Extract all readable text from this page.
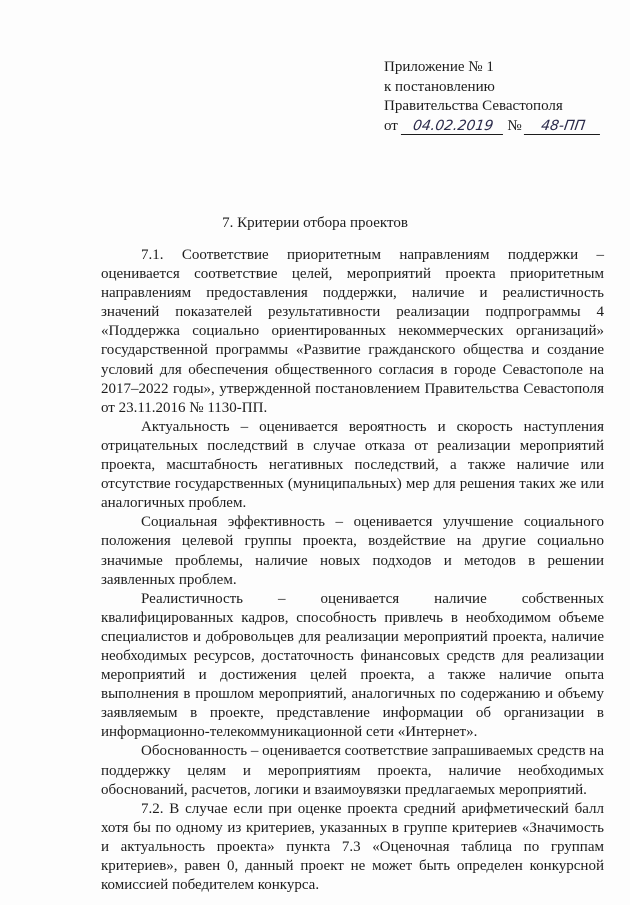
Приложение № 1
к постановлению
Правительства Севастополя
от 04.02.2019 № 48-ПП
7. Критерии отбора проектов

7.1. Соответствие приоритетным направлениям поддержки – оценивается соответствие целей, мероприятий проекта приоритетным направлениям предоставления поддержки, наличие и реалистичность значений показателей результативности реализации подпрограммы 4 «Поддержка социально ориентированных некоммерческих организаций» государственной программы «Развитие гражданского общества и создание условий для обеспечения общественного согласия в городе Севастополе на 2017–2022 годы», утвержденной постановлением Правительства Севастополя от 23.11.2016 № 1130-ПП.

Актуальность – оценивается вероятность и скорость наступления отрицательных последствий в случае отказа от реализации мероприятий проекта, масштабность негативных последствий, а также наличие или отсутствие государственных (муниципальных) мер для решения таких же или аналогичных проблем.

Социальная эффективность – оценивается улучшение социального положения целевой группы проекта, воздействие на другие социально значимые проблемы, наличие новых подходов и методов в решении заявленных проблем.

Реалистичность – оценивается наличие собственных квалифицированных кадров, способность привлечь в необходимом объеме специалистов и добровольцев для реализации мероприятий проекта, наличие необходимых ресурсов, достаточность финансовых средств для реализации мероприятий и достижения целей проекта, а также наличие опыта выполнения в прошлом мероприятий, аналогичных по содержанию и объему заявляемым в проекте, представление информации об организации в информационно-телекоммуникационной сети «Интернет».

Обоснованность – оценивается соответствие запрашиваемых средств на поддержку целям и мероприятиям проекта, наличие необходимых обоснований, расчетов, логики и взаимоувязки предлагаемых мероприятий.

7.2. В случае если при оценке проекта средний арифметический балл хотя бы по одному из критериев, указанных в группе критериев «Значимость и актуальность проекта» пункта 7.3 «Оценочная таблица по группам критериев», равен 0, данный проект не может быть определен конкурсной комиссией победителем конкурса.
